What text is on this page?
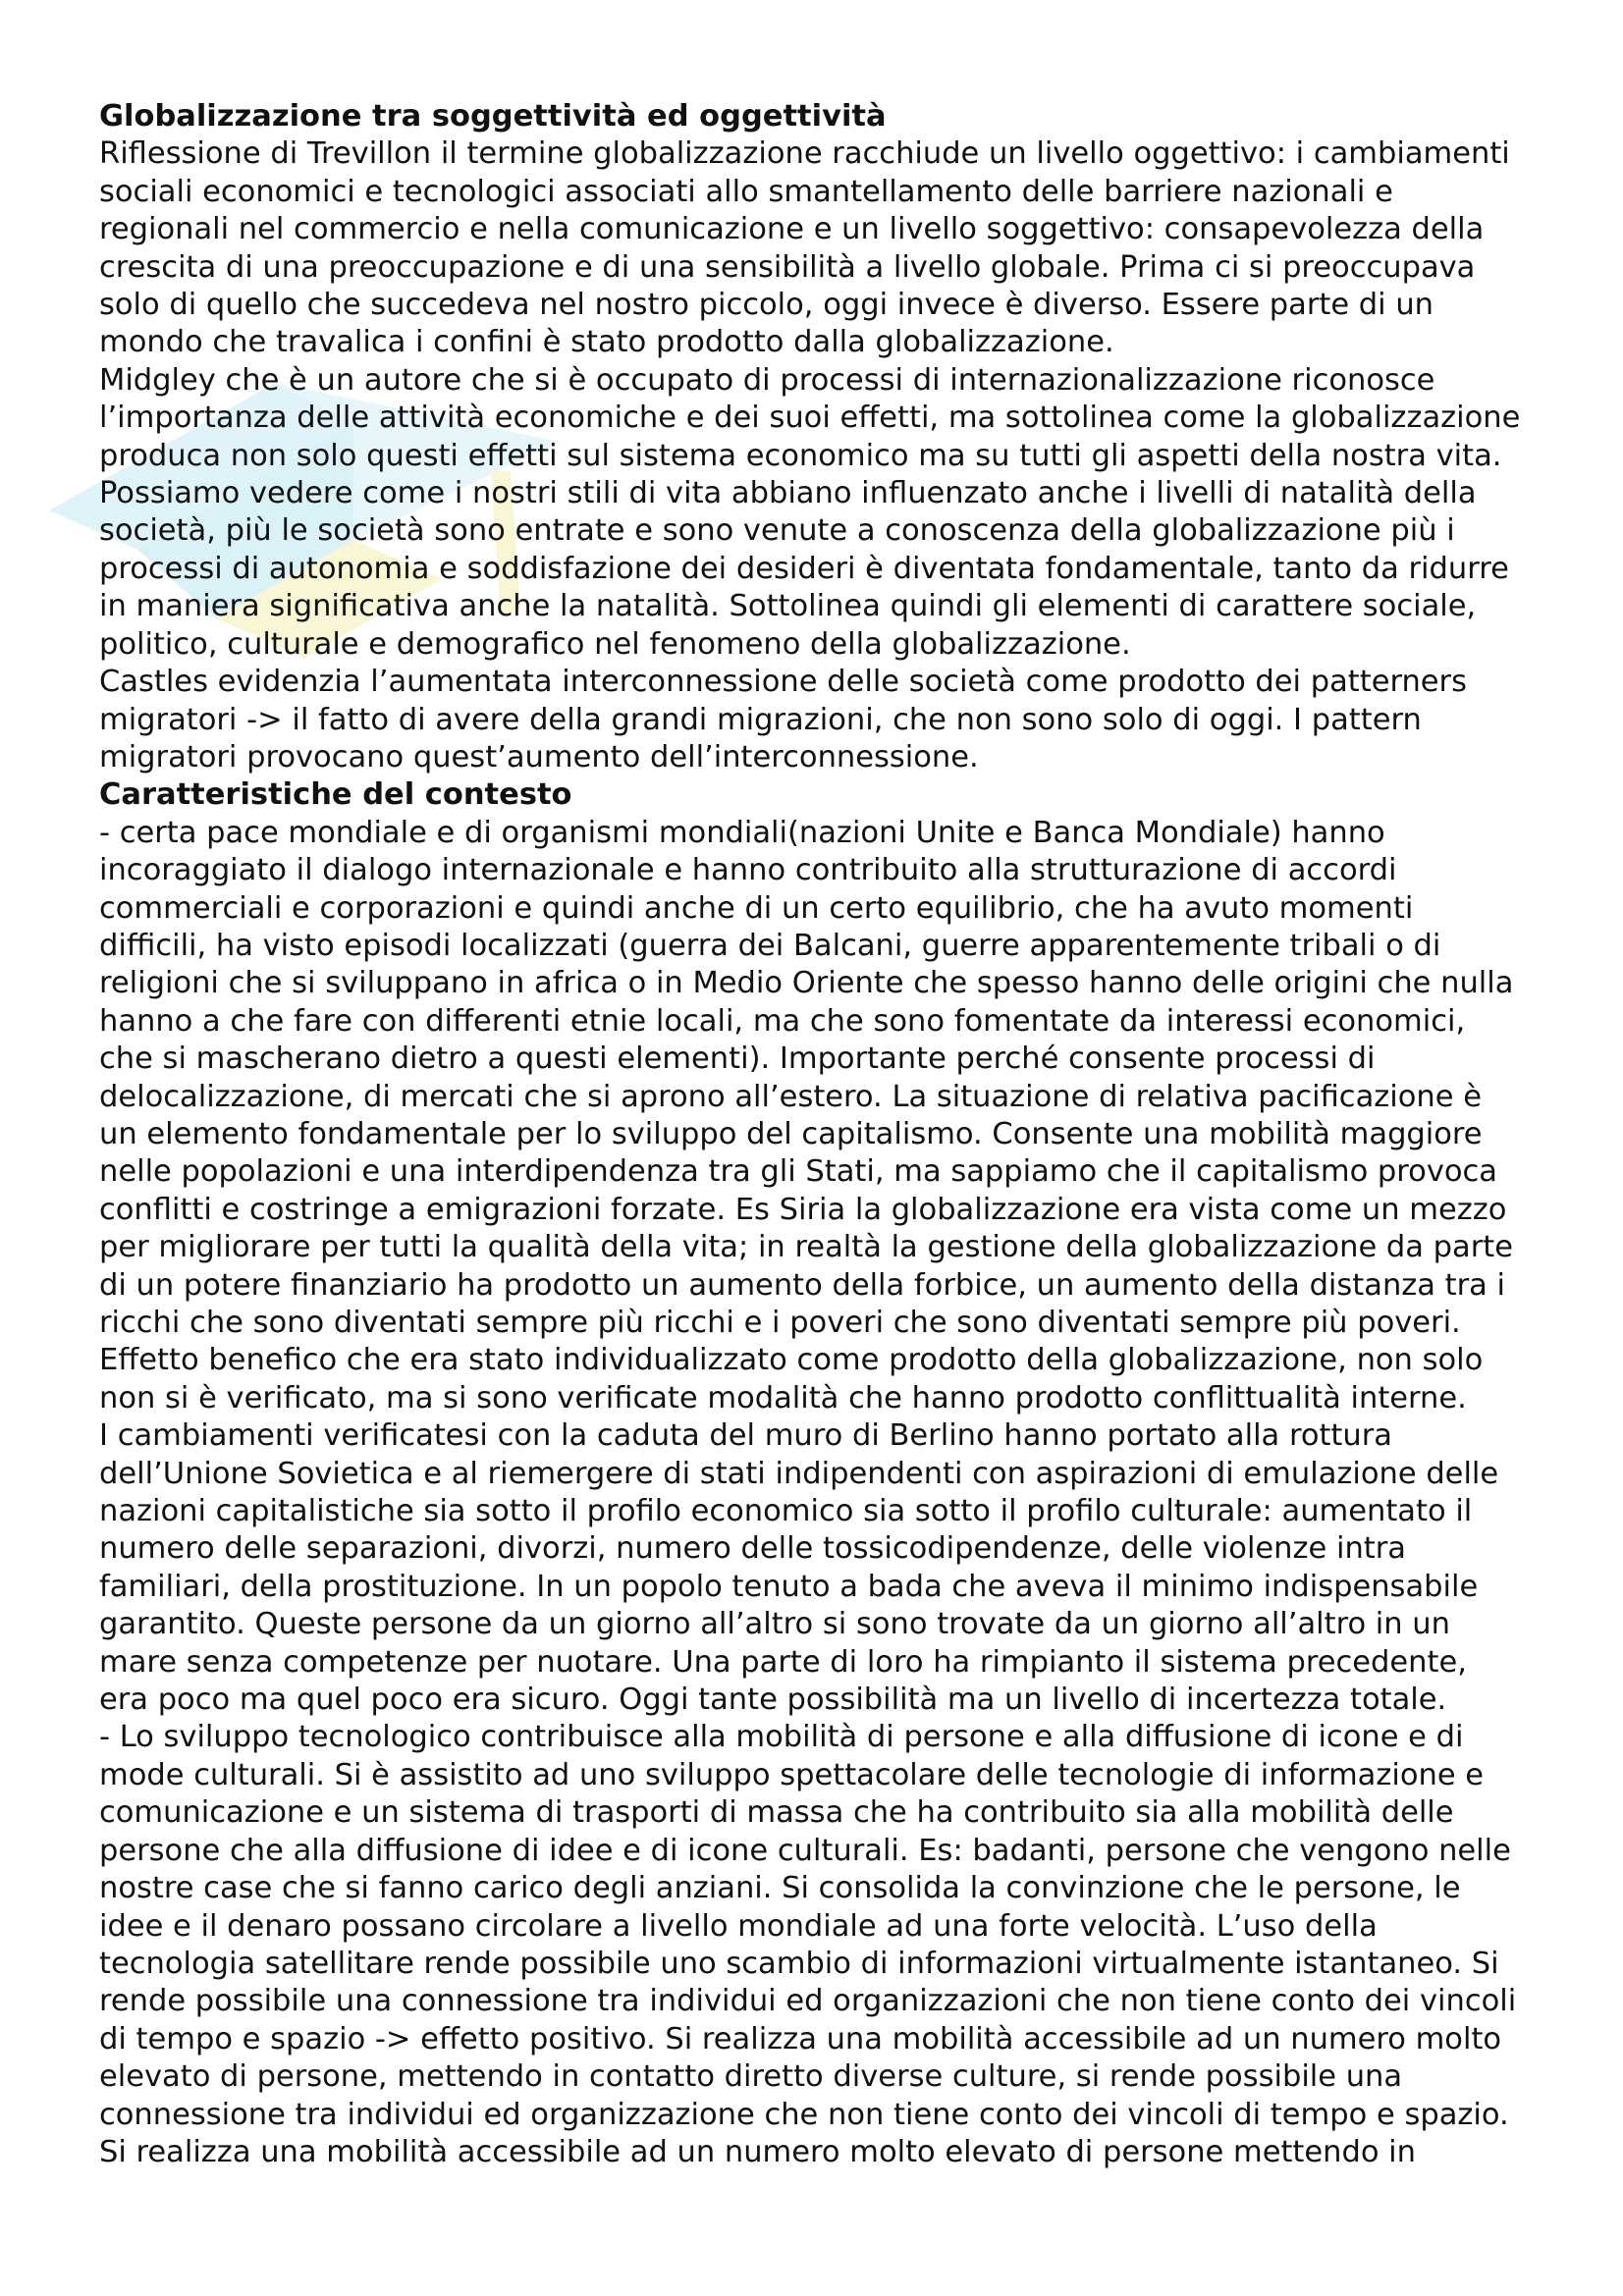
Globalizzazione tra soggettività ed oggettività

Riflessione di Trevillon il termine globalizzazione racchiude un livello oggettivo: i cambiamenti
sociali economici e tecnologici associati allo smantellamento delle barriere nazionali e
regionali nel commercio e nella comunicazione e un livello soggettivo: consapevolezza della
crescita di una preoccupazione e di una sensibilità a livello globale. Prima ci si preoccupava
solo di quello che succedeva nel nostro piccolo, oggi invece è diverso. Essere parte di un
mondo che travalica i confini è stato prodotto dalla globalizzazione.

Midgley che è un autore che si è occupato di processi di internazionalizzazione riconosce
l’importanza delle attività economiche e dei suoi effetti, ma sottolinea come la globalizzazione
produca non solo questi effetti sul sistema economico ma su tutti gli aspetti della nostra vita.
Possiamo vedere come i nostri stili di vita abbiano influenzato anche i livelli di natalità della
società, più le società sono entrate e sono venute a conoscenza della globalizzazione più i
processi di autonomia e soddisfazione dei desideri è diventata fondamentale, tanto da ridurre
in maniera significativa anche la natalità. Sottolinea quindi gli elementi di carattere sociale,
politico, culturale e demografico nel fenomeno della globalizzazione.

Castles evidenzia l’aumentata interconnessione delle società come prodotto dei patterners
migratori -> il fatto di avere della grandi migrazioni, che non sono solo di oggi. I pattern
migratori provocano quest’aumento dell’interconnessione.

Caratteristiche del contesto

- certa pace mondiale e di organismi mondiali(nazioni Unite e Banca Mondiale) hanno
incoraggiato il dialogo internazionale e hanno contribuito alla strutturazione di accordi
commerciali e corporazioni e quindi anche di un certo equilibrio, che ha avuto momenti
difficili, ha visto episodi localizzati (guerra dei Balcani, guerre apparentemente tribali o di
religioni che si sviluppano in africa o in Medio Oriente che spesso hanno delle origini che nulla
hanno a che fare con differenti etnie locali, ma che sono fomentate da interessi economici,
che si mascherano dietro a questi elementi). Importante perché consente processi di
delocalizzazione, di mercati che si aprono all’estero. La situazione di relativa pacificazione è
un elemento fondamentale per lo sviluppo del capitalismo. Consente una mobilità maggiore
nelle popolazioni e una interdipendenza tra gli Stati, ma sappiamo che il capitalismo provoca
conflitti e costringe a emigrazioni forzate. Es Siria la globalizzazione era vista come un mezzo
per migliorare per tutti la qualità della vita; in realtà la gestione della globalizzazione da parte
di un potere finanziario ha prodotto un aumento della forbice, un aumento della distanza tra i
ricchi che sono diventati sempre più ricchi e i poveri che sono diventati sempre più poveri.
Effetto benefico che era stato individualizzato come prodotto della globalizzazione, non solo
non si è verificato, ma si sono verificate modalità che hanno prodotto conflittualità interne.

I cambiamenti verificatesi con la caduta del muro di Berlino hanno portato alla rottura
dell’Unione Sovietica e al riemergere di stati indipendenti con aspirazioni di emulazione delle
nazioni capitalistiche sia sotto il profilo economico sia sotto il profilo culturale: aumentato il
numero delle separazioni, divorzi, numero delle tossicodipendenze, delle violenze intra
familiari, della prostituzione. In un popolo tenuto a bada che aveva il minimo indispensabile
garantito. Queste persone da un giorno all’altro si sono trovate da un giorno all’altro in un
mare senza competenze per nuotare. Una parte di loro ha rimpianto il sistema precedente,
era poco ma quel poco era sicuro. Oggi tante possibilità ma un livello di incertezza totale.

- Lo sviluppo tecnologico contribuisce alla mobilità di persone e alla diffusione di icone e di
mode culturali. Si è assistito ad uno sviluppo spettacolare delle tecnologie di informazione e
comunicazione e un sistema di trasporti di massa che ha contribuito sia alla mobilità delle
persone che alla diffusione di idee e di icone culturali. Es: badanti, persone che vengono nelle
nostre case che si fanno carico degli anziani. Si consolida la convinzione che le persone, le
idee e il denaro possano circolare a livello mondiale ad una forte velocità. L’uso della
tecnologia satellitare rende possibile uno scambio di informazioni virtualmente istantaneo. Si
rende possibile una connessione tra individui ed organizzazioni che non tiene conto dei vincoli
di tempo e spazio -> effetto positivo. Si realizza una mobilità accessibile ad un numero molto
elevato di persone, mettendo in contatto diretto diverse culture, si rende possibile una
connessione tra individui ed organizzazione che non tiene conto dei vincoli di tempo e spazio.
Si realizza una mobilità accessibile ad un numero molto elevato di persone mettendo in
